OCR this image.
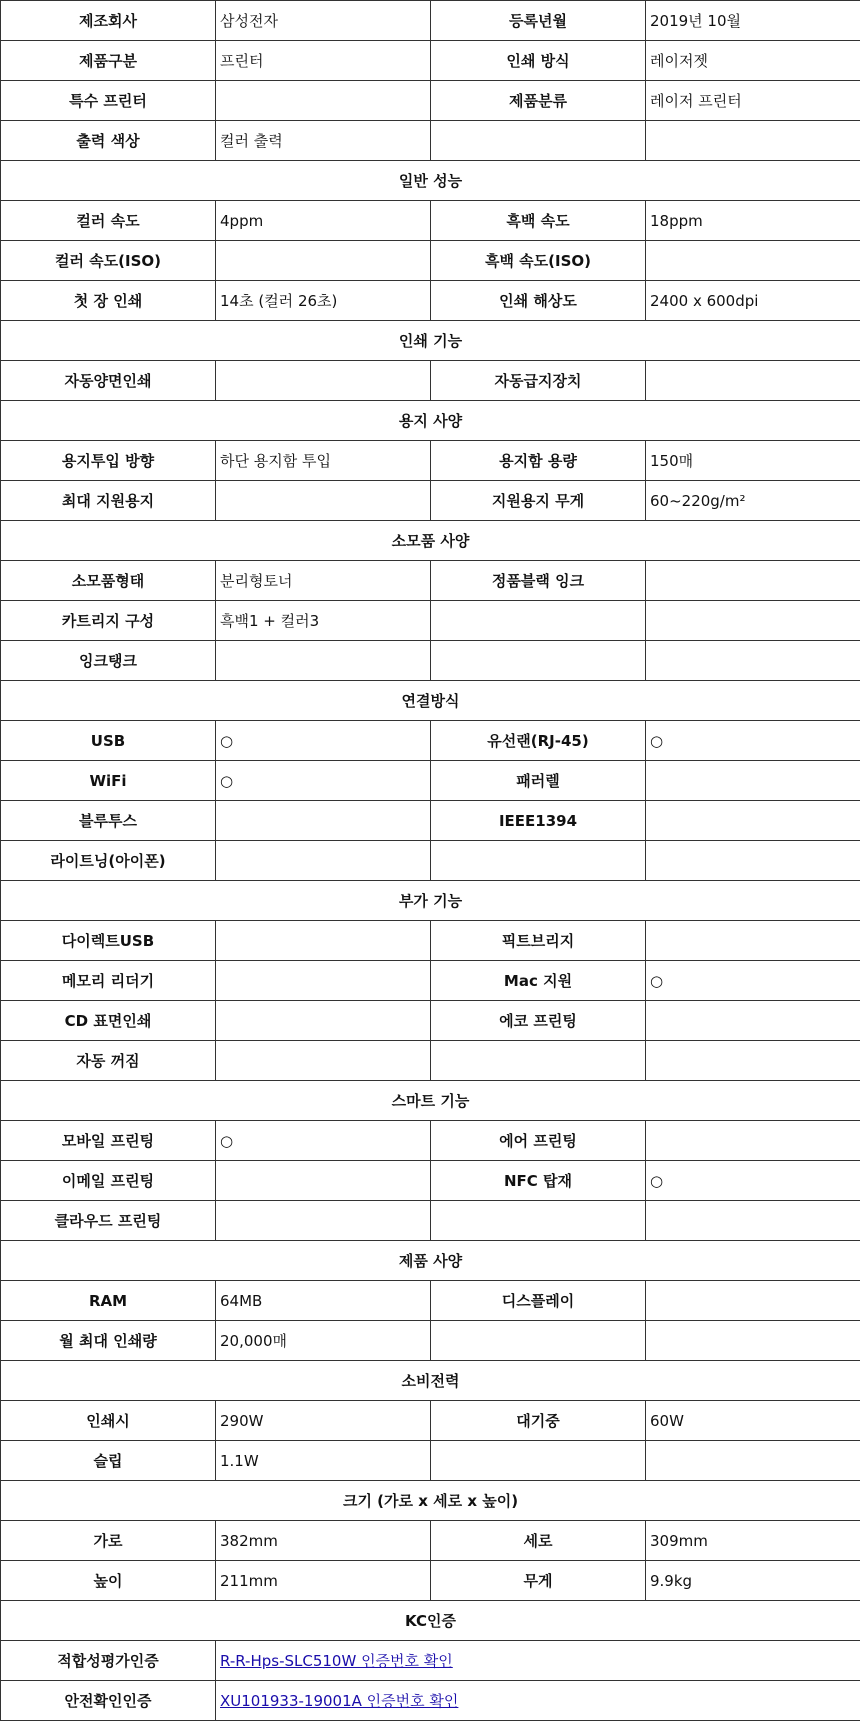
제조회사	삼성전자	등록년월	2019년 10월
제품구분	프린터	인쇄 방식	레이저젯
특수 프린터		제품분류	레이저 프린터
출력 색상	컬러 출력		
일반 성능			
컬러 속도	4ppm	흑백 속도	18ppm
컬러 속도(ISO)		흑백 속도(ISO)	
첫 장 인쇄	14초 (컬러 26초)	인쇄 해상도	2400 x 600dpi
인쇄 기능			
자동양면인쇄		자동급지장치	
용지 사양			
용지투입 방향	하단 용지함 투입	용지함 용량	150매
최대 지원용지		지원용지 무게	60~220g/m²
소모품 사양			
소모품형태	분리형토너	정품블랙 잉크	
카트리지 구성	흑백1 + 컬러3		
잉크탱크			
연결방식			
USB	○	유선랜(RJ-45)	○
WiFi	○	패러렐	
블루투스		IEEE1394	
라이트닝(아이폰)			
부가 기능			
다이렉트USB		픽트브리지	
메모리 리더기		Mac 지원	○
CD 표면인쇄		에코 프린팅	
자동 꺼짐			
스마트 기능			
모바일 프린팅	○	에어 프린팅	
이메일 프린팅		NFC 탑재	○
클라우드 프린팅			
제품 사양			
RAM	64MB	디스플레이	
월 최대 인쇄량	20,000매		
소비전력			
인쇄시	290W	대기중	60W
슬립	1.1W		
크기 (가로 x 세로 x 높이)			
가로	382mm	세로	309mm
높이	211mm	무게	9.9kg
KC인증			
적합성평가인증	R-R-Hps-SLC510W 인증번호 확인		
안전확인인증	XU101933-19001A 인증번호 확인		
